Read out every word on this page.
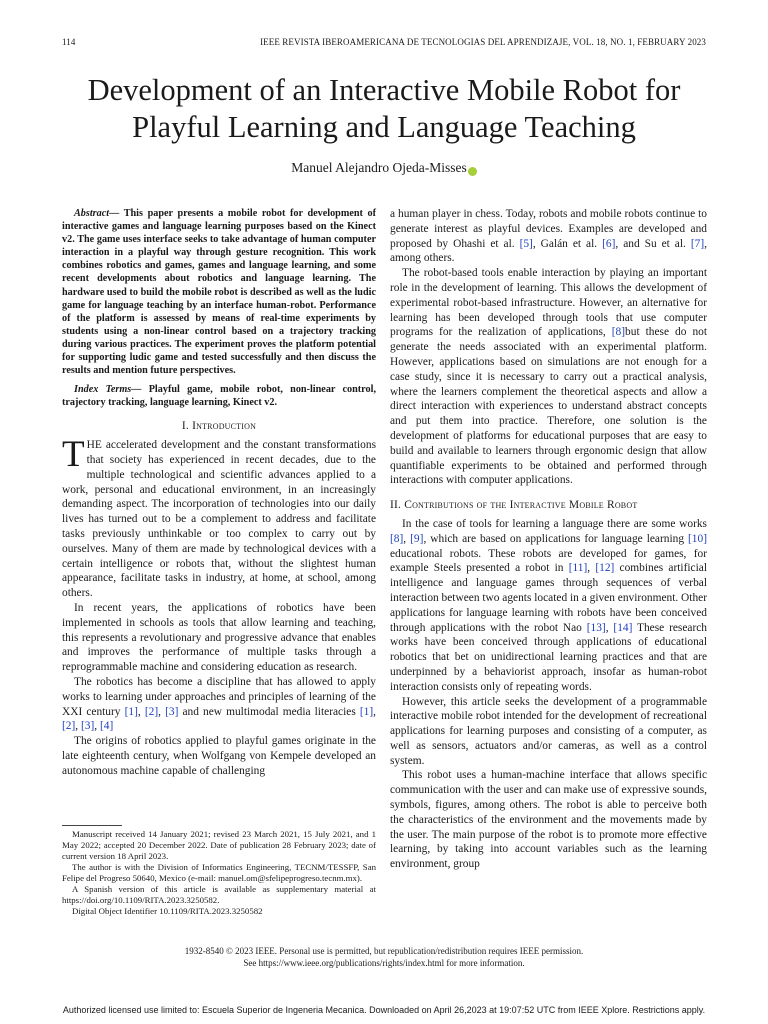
114	IEEE REVISTA IBEROAMERICANA DE TECNOLOGIAS DEL APRENDIZAJE, VOL. 18, NO. 1, FEBRUARY 2023
Development of an Interactive Mobile Robot for
Playful Learning and Language Teaching
Manuel Alejandro Ojeda-Misses

Abstract— This paper presents a mobile robot for development of interactive games and language learning purposes based on the Kinect v2. The game uses interface seeks to take advantage of human computer interaction in a playful way through gesture recognition. This work combines robotics and games, games and language learning, and some recent developments about robotics and language learning. The hardware used to build the mobile robot is described as well as the ludic game for language teaching by an interface human-robot. Performance of the platform is assessed by means of real-time experiments by students using a non-linear control based on a trajectory tracking during various practices. The experiment proves the platform potential for supporting ludic game and tested successfully and then discuss the results and mention future perspectives.

Index Terms— Playful game, mobile robot, non-linear control, trajectory tracking, language learning, Kinect v2.

I. Introduction

THE accelerated development and the constant transformations that society has experienced in recent decades, due to the multiple technological and scientific advances applied to a work, personal and educational environment, in an increasingly demanding aspect. The incorporation of technologies into our daily lives has turned out to be a complement to address and facilitate tasks previously unthinkable or too complex to carry out by ourselves. Many of them are made by technological devices with a certain intelligence or robots that, without the slightest human appearance, facilitate tasks in industry, at home, at school, among others.

In recent years, the applications of robotics have been implemented in schools as tools that allow learning and teaching, this represents a revolutionary and progressive advance that enables and improves the performance of multiple tasks through a reprogrammable machine and considering education as research.

The robotics has become a discipline that has allowed to apply works to learning under approaches and principles of learning of the XXI century [1], [2], [3] and new multimodal media literacies [1], [2], [3], [4]

The origins of robotics applied to playful games originate in the late eighteenth century, when Wolfgang von Kempele developed an autonomous machine capable of challenging

Manuscript received 14 January 2021; revised 23 March 2021, 15 July 2021, and 1 May 2022; accepted 20 December 2022. Date of publication 28 February 2023; date of current version 18 April 2023.

The author is with the Division of Informatics Engineering, TECNM/TESSFP, San Felipe del Progreso 50640, Mexico (e-mail: manuel.om@sfelipeprogreso.tecnm.mx).

A Spanish version of this article is available as supplementary material at https://doi.org/10.1109/RITA.2023.3250582.

Digital Object Identifier 10.1109/RITA.2023.3250582

a human player in chess. Today, robots and mobile robots continue to generate interest as playful devices. Examples are developed and proposed by Ohashi et al. [5], Galán et al. [6], and Su et al. [7], among others.

The robot-based tools enable interaction by playing an important role in the development of learning. This allows the development of experimental robot-based infrastructure. However, an alternative for learning has been developed through tools that use computer programs for the realization of applications, [8]but these do not generate the needs associated with an experimental platform. However, applications based on simulations are not enough for a case study, since it is necessary to carry out a practical analysis, where the learners complement the theoretical aspects and allow a direct interaction with experiences to understand abstract concepts and put them into practice. Therefore, one solution is the development of platforms for educational purposes that are easy to build and available to learners through ergonomic design that allow quantifiable experiments to be obtained and performed through interactions with computer applications.

II. Contributions of the Interactive Mobile Robot

In the case of tools for learning a language there are some works [8], [9], which are based on applications for language learning [10] educational robots. These robots are developed for games, for example Steels presented a robot in [11], [12] combines artificial intelligence and language games through sequences of verbal interaction between two agents located in a given environment. Other applications for language learning with robots have been conceived through applications with the robot Nao [13], [14] These research works have been conceived through applications of educational robotics that bet on unidirectional learning practices and that are underpinned by a behaviorist approach, insofar as human-robot interaction consists only of repeating words.

However, this article seeks the development of a programmable interactive mobile robot intended for the development of recreational applications for learning purposes and consisting of a computer, as well as sensors, actuators and/or cameras, as well as a control system.

This robot uses a human-machine interface that allows specific communication with the user and can make use of expressive sounds, symbols, figures, among others. The robot is able to perceive both the characteristics of the environment and the movements made by the user. The main purpose of the robot is to promote more effective learning, by taking into account variables such as the learning environment, group

1932-8540 © 2023 IEEE. Personal use is permitted, but republication/redistribution requires IEEE permission.
See https://www.ieee.org/publications/rights/index.html for more information.
Authorized licensed use limited to: Escuela Superior de Ingeneria Mecanica. Downloaded on April 26,2023 at 19:07:52 UTC from IEEE Xplore. Restrictions apply.
